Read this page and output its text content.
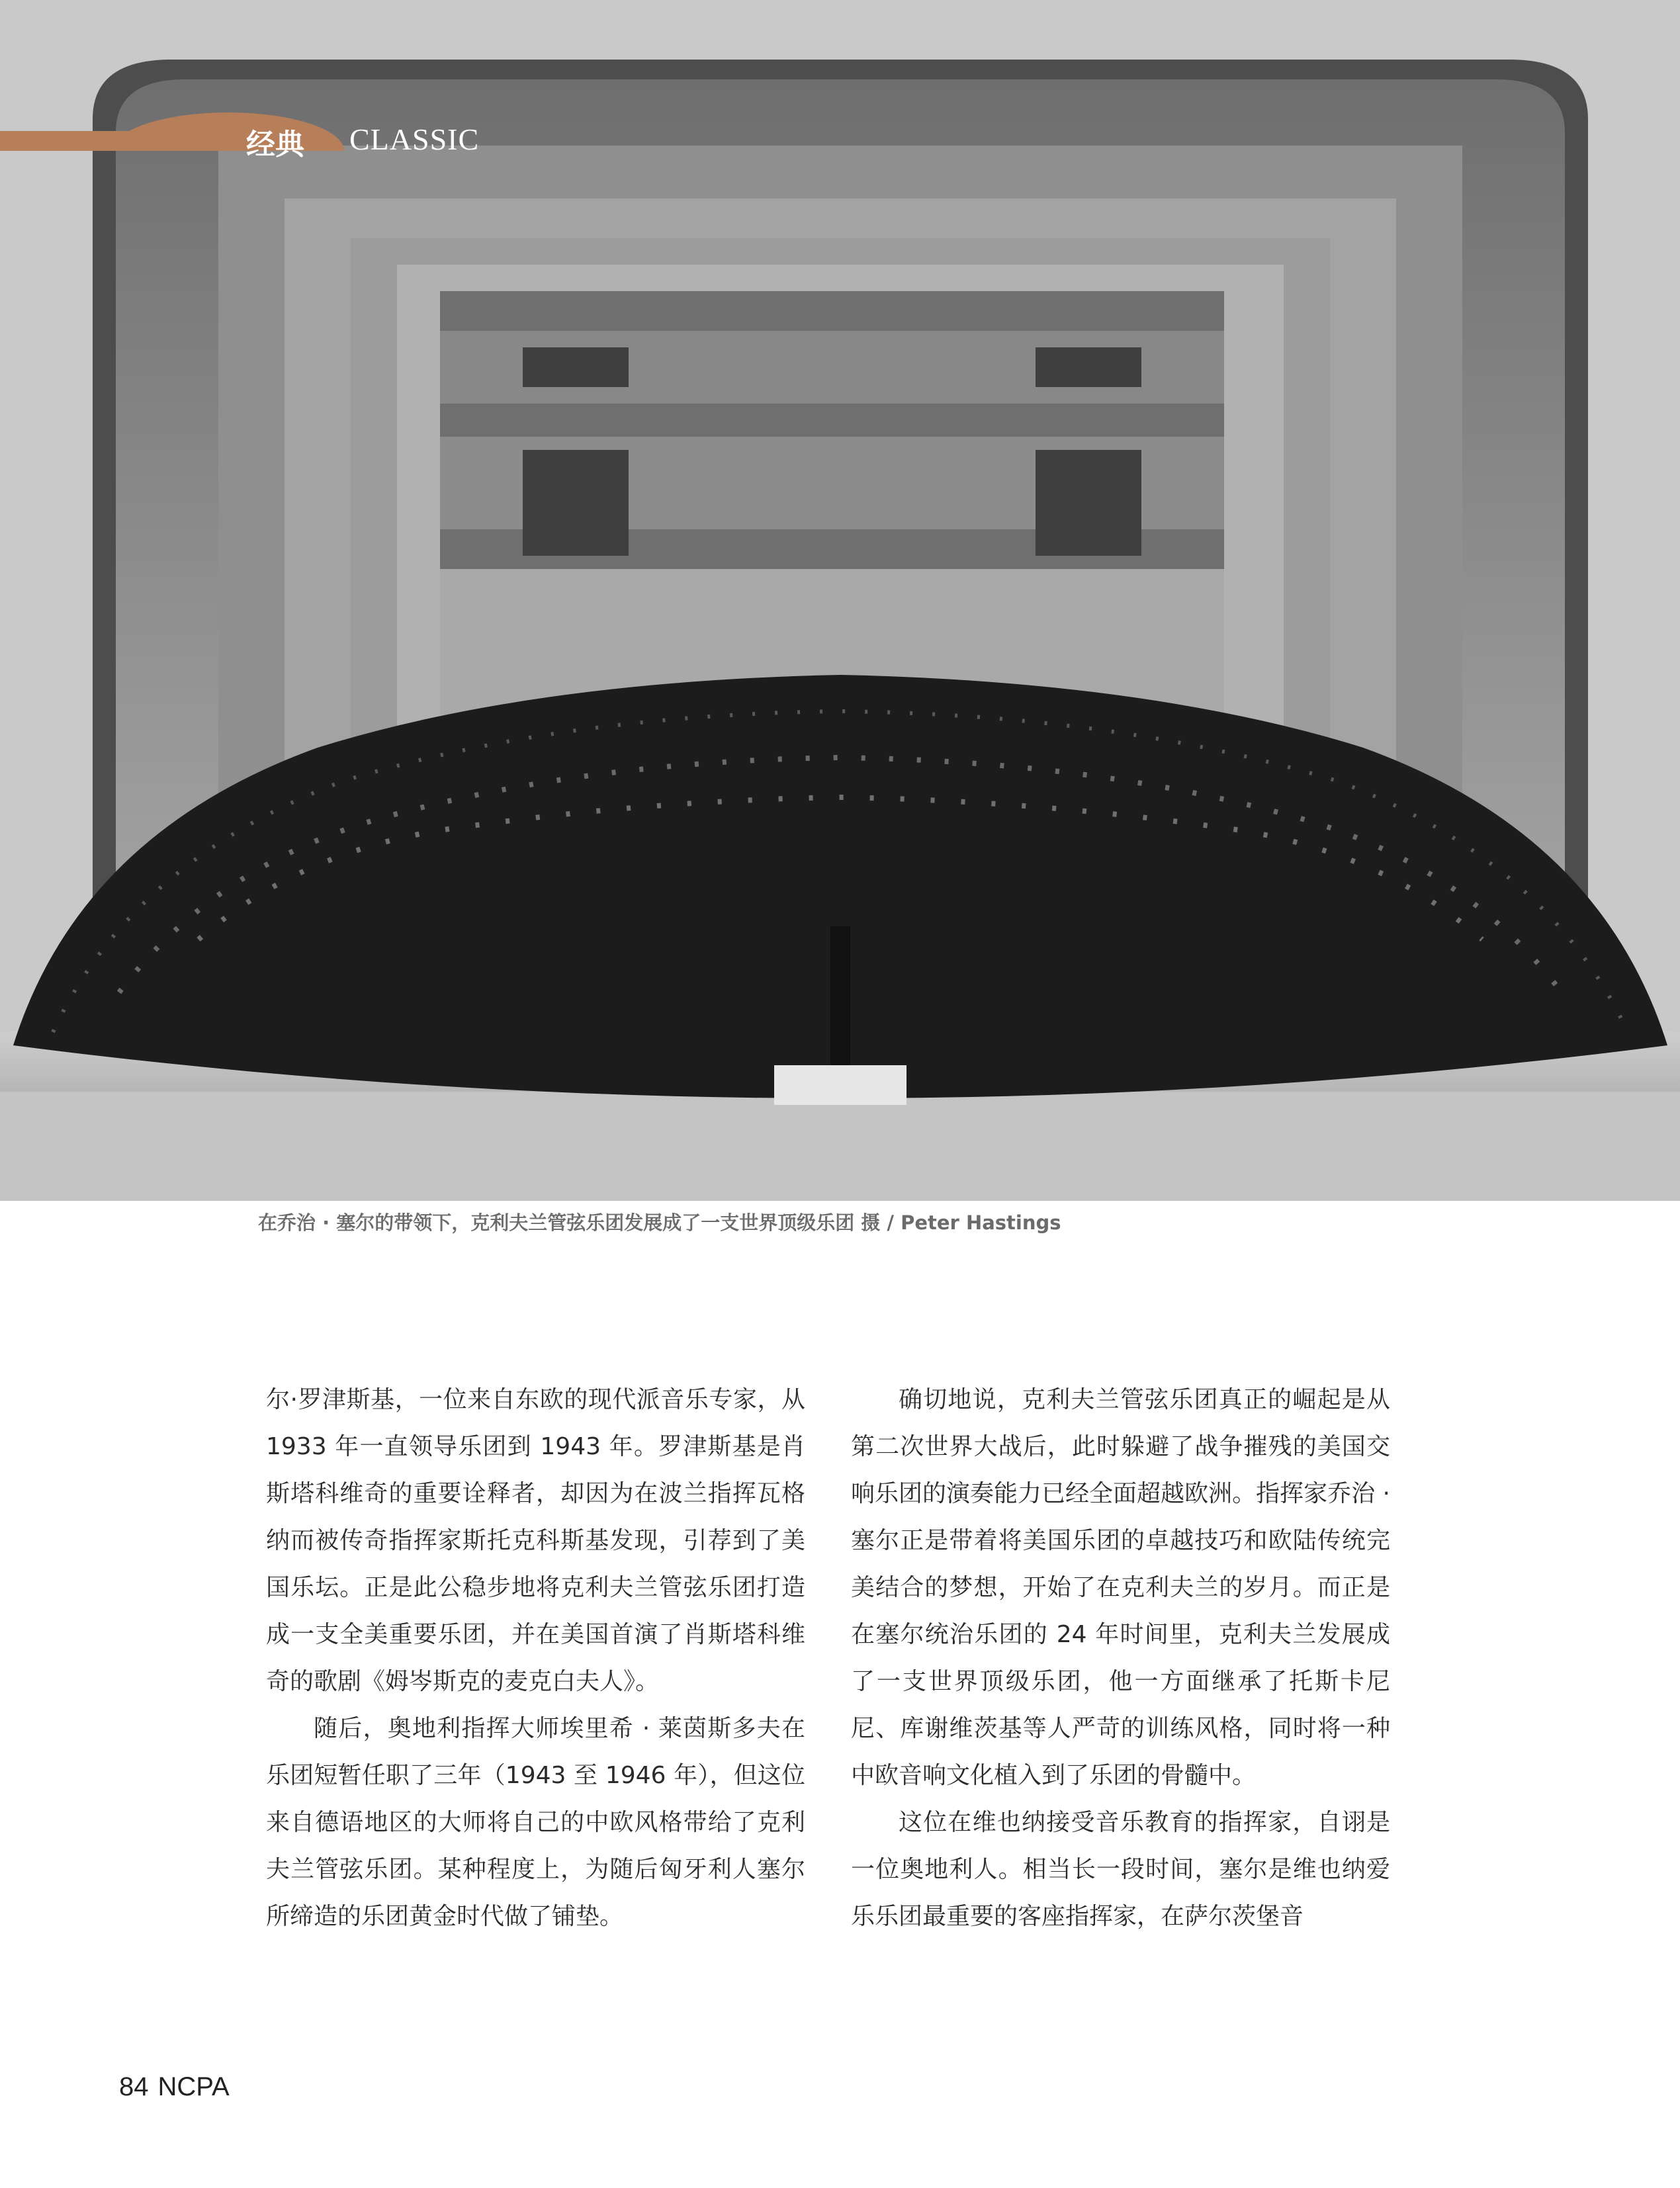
经典 CLASSIC
在乔治 · 塞尔的带领下，克利夫兰管弦乐团发展成了一支世界顶级乐团 摄 / Peter Hastings

尔·罗津斯基，一位来自东欧的现代派音乐专家，从 1933 年一直领导乐团到 1943 年。罗津斯基是肖斯塔科维奇的重要诠释者，却因为在波兰指挥瓦格纳而被传奇指挥家斯托克科斯基发现，引荐到了美国乐坛。正是此公稳步地将克利夫兰管弦乐团打造成一支全美重要乐团，并在美国首演了肖斯塔科维奇的歌剧《姆岑斯克的麦克白夫人》。

随后，奥地利指挥大师埃里希 · 莱茵斯多夫在乐团短暂任职了三年（1943 至 1946 年），但这位来自德语地区的大师将自己的中欧风格带给了克利夫兰管弦乐团。某种程度上，为随后匈牙利人塞尔所缔造的乐团黄金时代做了铺垫。

确切地说，克利夫兰管弦乐团真正的崛起是从第二次世界大战后，此时躲避了战争摧残的美国交响乐团的演奏能力已经全面超越欧洲。指挥家乔治 · 塞尔正是带着将美国乐团的卓越技巧和欧陆传统完美结合的梦想，开始了在克利夫兰的岁月。而正是在塞尔统治乐团的 24 年时间里，克利夫兰发展成了一支世界顶级乐团，他一方面继承了托斯卡尼尼、库谢维茨基等人严苛的训练风格，同时将一种中欧音响文化植入到了乐团的骨髓中。

这位在维也纳接受音乐教育的指挥家，自诩是一位奥地利人。相当长一段时间，塞尔是维也纳爱乐乐团最重要的客座指挥家，在萨尔茨堡音

84 NCPA
